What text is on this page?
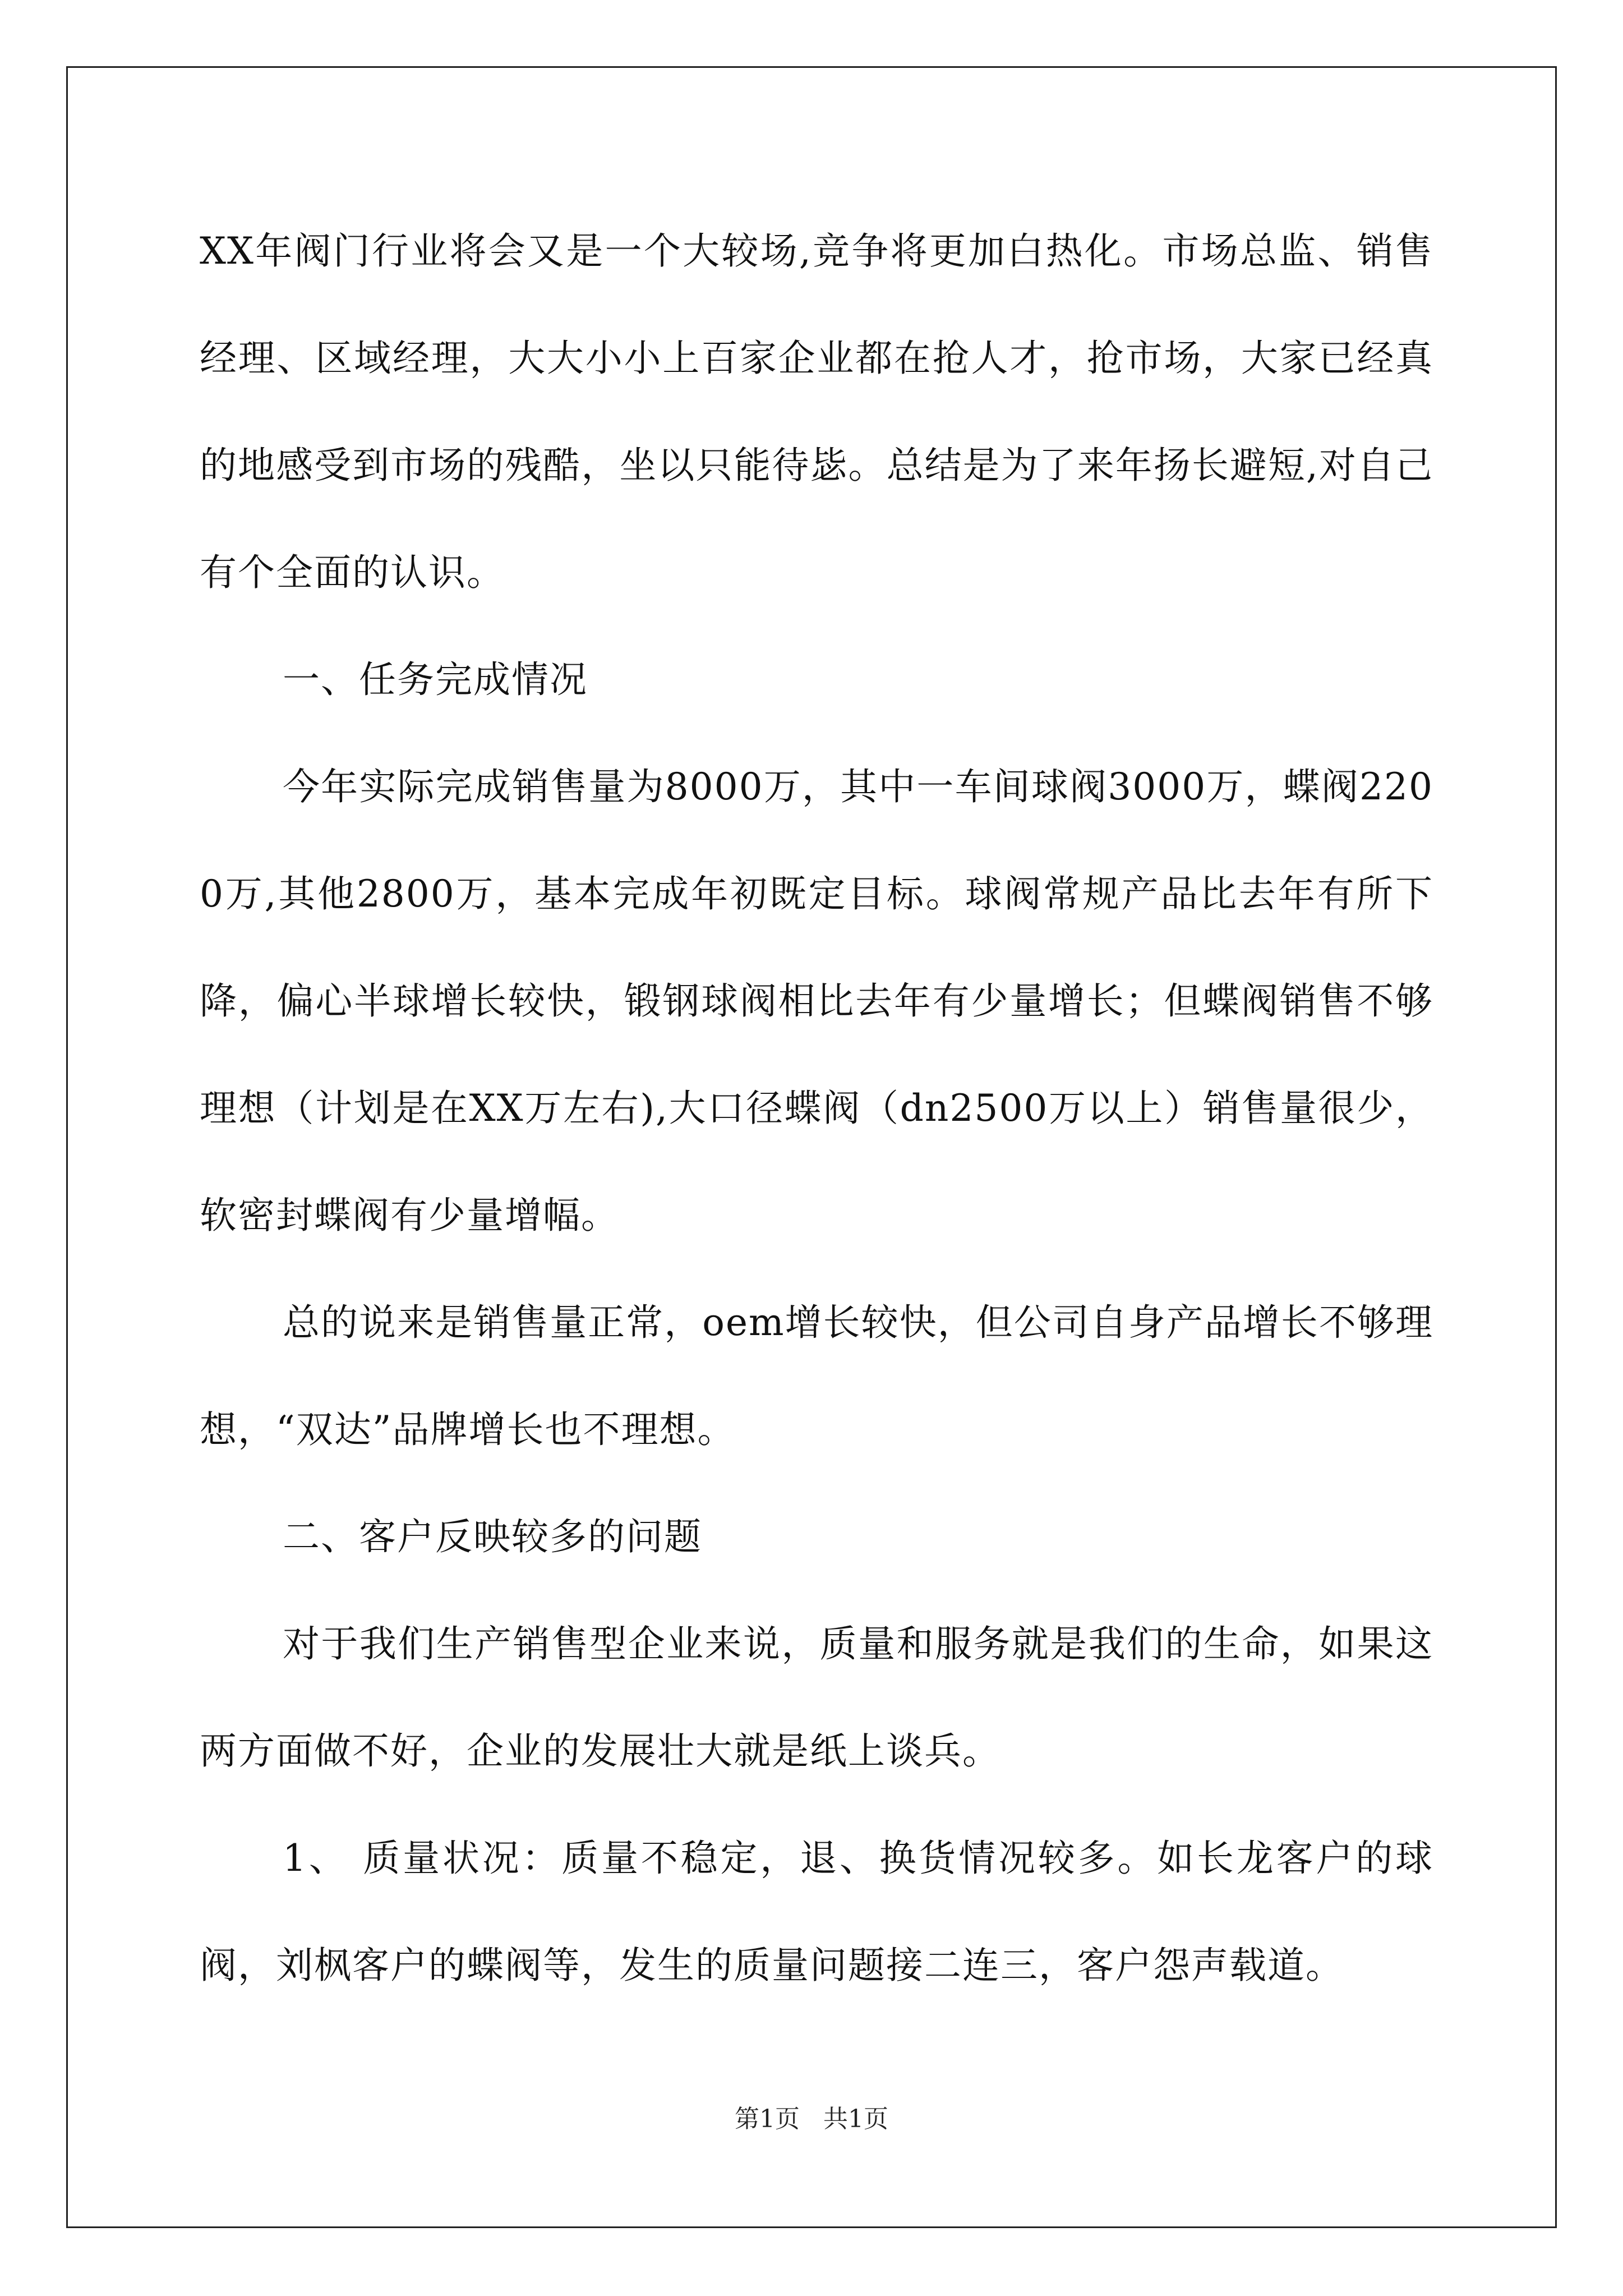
XX年阀门行业将会又是一个大较场,竞争将更加白热化。市场总监、销售经理、区域经理，大大小小上百家企业都在抢人才，抢市场，大家已经真的地感受到市场的残酷，坐以只能待毖。总结是为了来年扬长避短,对自己有个全面的认识。

一、任务完成情况

今年实际完成销售量为8000万，其中一车间球阀3000万，蝶阀2200万,其他2800万，基本完成年初既定目标。球阀常规产品比去年有所下降，偏心半球增长较快，锻钢球阀相比去年有少量增长；但蝶阀销售不够理想（计划是在XX万左右),大口径蝶阀（dn2500万以上）销售量很少，软密封蝶阀有少量增幅。

总的说来是销售量正常，oem增长较快，但公司自身产品增长不够理想，“双达”品牌增长也不理想。

二、客户反映较多的问题

对于我们生产销售型企业来说，质量和服务就是我们的生命，如果这两方面做不好，企业的发展壮大就是纸上谈兵。

1、 质量状况：质量不稳定，退、换货情况较多。如长龙客户的球阀，刘枫客户的蝶阀等，发生的质量问题接二连三，客户怨声载道。

第1页 共1页
